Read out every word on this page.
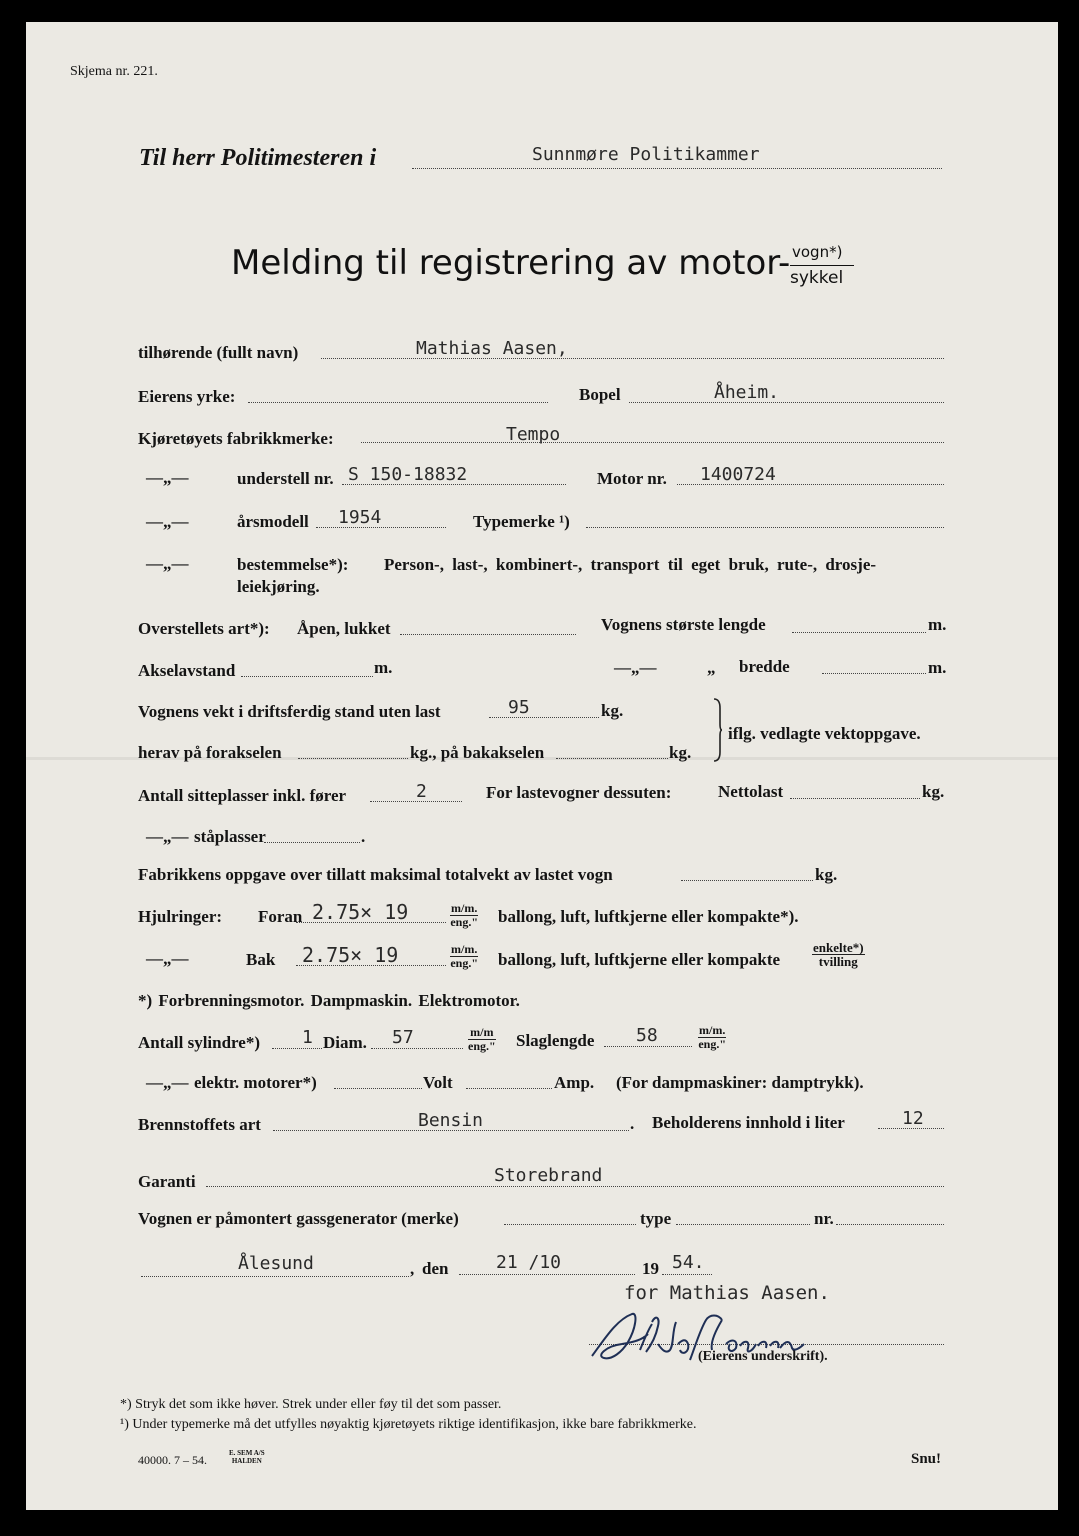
Skjema nr. 221.
Til herr Politimesteren i	Sunnmøre Politikammer
Melding til registrering av motor- vogn*)
sykkel
tilhørende (fullt navn)	Mathias Aasen,
Eierens yrke:	Bopel	Åheim.
Kjøretøyets fabrikkmerke:	Tempo
—„—	understell nr. S 150-18832	Motor nr. 1400724
—„—	årsmodell 1954	Typemerke ¹)
—„—	bestemmelse*): Person-, last-, kombinert-, transport til eget bruk, rute-, drosje-
leiekjøring.
Overstellets art*): Åpen, lukket	Vognens største lengde	m.
Akselavstand	m.	—„—	„ bredde	m.
Vognens vekt i driftsferdig stand uten last	95	kg.
iflg. vedlagte vektoppgave.
herav på forakselen	kg., på bakakselen	kg.
Antall sitteplasser inkl. fører	2	For lastevogner dessuten:	Nettolast	kg.
—„— ståplasser	.
Fabrikkens oppgave over tillatt maksimal totalvekt av lastet vogn	kg.
Hjulringer: Foran 2.75× 19	m/m.
eng." ballong, luft, luftkjerne eller kompakte*).
—„—	Bak 2.75× 19	m/m.
eng." ballong, luft, luftkjerne eller kompakte
enkelte*)
tvilling
*) Forbrenningsmotor. Dampmaskin. Elektromotor.
Antall sylindre*) 1 Diam. 57	m/m
eng." Slaglengde 58	m/m.
eng."
—„— elektr. motorer*)	Volt	Amp. (For dampmaskiner: damptrykk).
Brennstoffets art	Bensin	. Beholderens innhold i liter	12
Garanti	Storebrand
Vognen er påmontert gassgenerator (merke)	type	nr.
Ålesund	, den	21 /10	19 54.
for Mathias Aasen.
(Eierens underskrift).
*) Stryk det som ikke høver. Strek under eller føy til det som passer.
¹) Under typemerke må det utfylles nøyaktig kjøretøyets riktige identifikasjon, ikke bare fabrikkmerke.
40000. 7 – 54.	E. SEM A/S
HALDEN	Snu!
